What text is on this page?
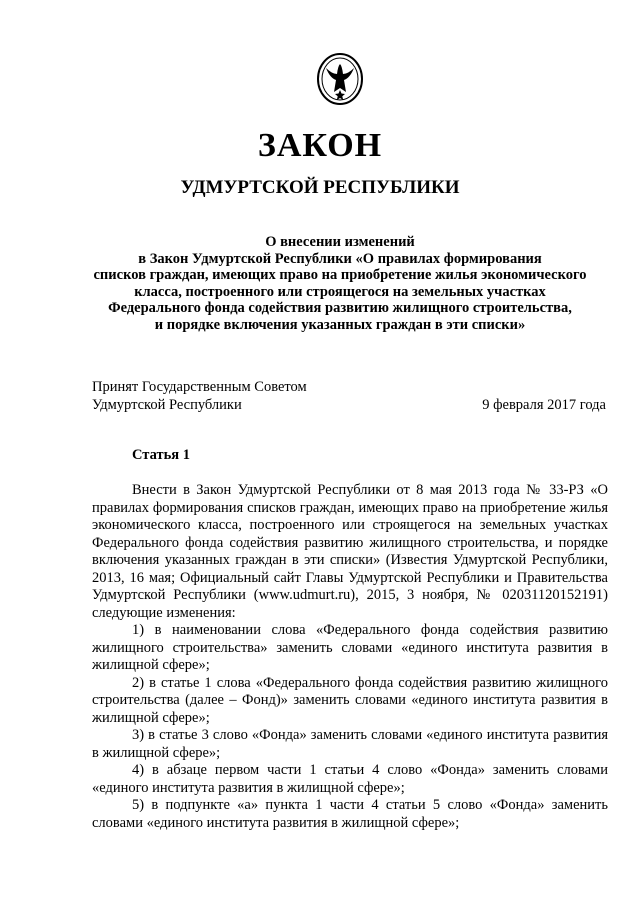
ЗАКОН
УДМУРТСКОЙ РЕСПУБЛИКИ
О внесении изменений
в Закон Удмуртской Республики «О правилах формирования
списков граждан, имеющих право на приобретение жилья экономического
класса, построенного или строящегося на земельных участках
Федерального фонда содействия развитию жилищного строительства,
и порядке включения указанных граждан в эти списки»
Принят Государственным Советом
Удмуртской Республики	9 февраля 2017 года
Статья 1

Внести в Закон Удмуртской Республики от 8 мая 2013 года № 33-РЗ «О правилах формирования списков граждан, имеющих право на приобретение жилья экономического класса, построенного или строящегося на земельных участках Федерального фонда содействия развитию жилищного строительства, и порядке включения указанных граждан в эти списки» (Известия Удмуртской Республики, 2013, 16 мая; Официальный сайт Главы Удмуртской Республики и Правительства Удмуртской Республики (www.udmurt.ru), 2015, 3 ноября, № 02031120152191) следующие изменения:

1) в наименовании слова «Федерального фонда содействия развитию жилищного строительства» заменить словами «единого института развития в жилищной сфере»;

2) в статье 1 слова «Федерального фонда содействия развитию жилищного строительства (далее – Фонд)» заменить словами «единого института развития в жилищной сфере»;

3) в статье 3 слово «Фонда» заменить словами «единого института развития в жилищной сфере»;

4) в абзаце первом части 1 статьи 4 слово «Фонда» заменить словами «единого института развития в жилищной сфере»;

5) в подпункте «а» пункта 1 части 4 статьи 5 слово «Фонда» заменить словами «единого института развития в жилищной сфере»;
